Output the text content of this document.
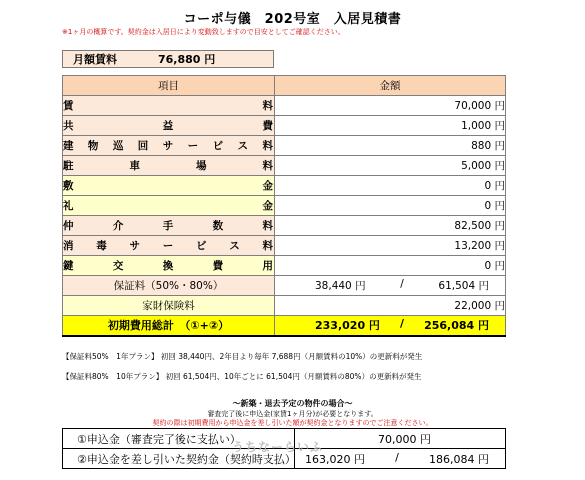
コーポ与儀　202号室　入居見積書
※1ヶ月の概算です。契約金は入居日により変動致しますので目安としてご確認ください。
月額賃料	76,880 円
項目	金額
賃料	70,000 円
共益費	1,000 円
建物巡回サービス料	880 円
駐車場料	5,000 円
敷金	0 円
礼金	0 円
仲介手数料	82,500 円
消毒サービス料	13,200 円
鍵交換費用	0 円
保証料（50%・80%）	38,440 円 / 61,504 円

家財保険料	22,000 円
初期費用総計　（①+②）	233,020 円 / 256,084 円
【保証料50%　1年プラン】 初回 38,440円、2年目より毎年 7,688円（月額賃料の10%）の更新料が発生
【保証料80%　10年プラン】 初回 61,504円、10年ごとに 61,504円（月額賃料の80%）の更新料が発生
～新築・退去予定の物件の場合～
審査完了後に申込金(家賃1ヶ月分)が必要となります。
契約の際は初期費用から申込金を差し引いた額が契約金となりますのでご注意ください。
①申込金（審査完了後に支払い）	70,000 円
②申込金を差し引いた契約金（契約時支払）	163,020 円 / 186,084 円
うちなーらいふ
